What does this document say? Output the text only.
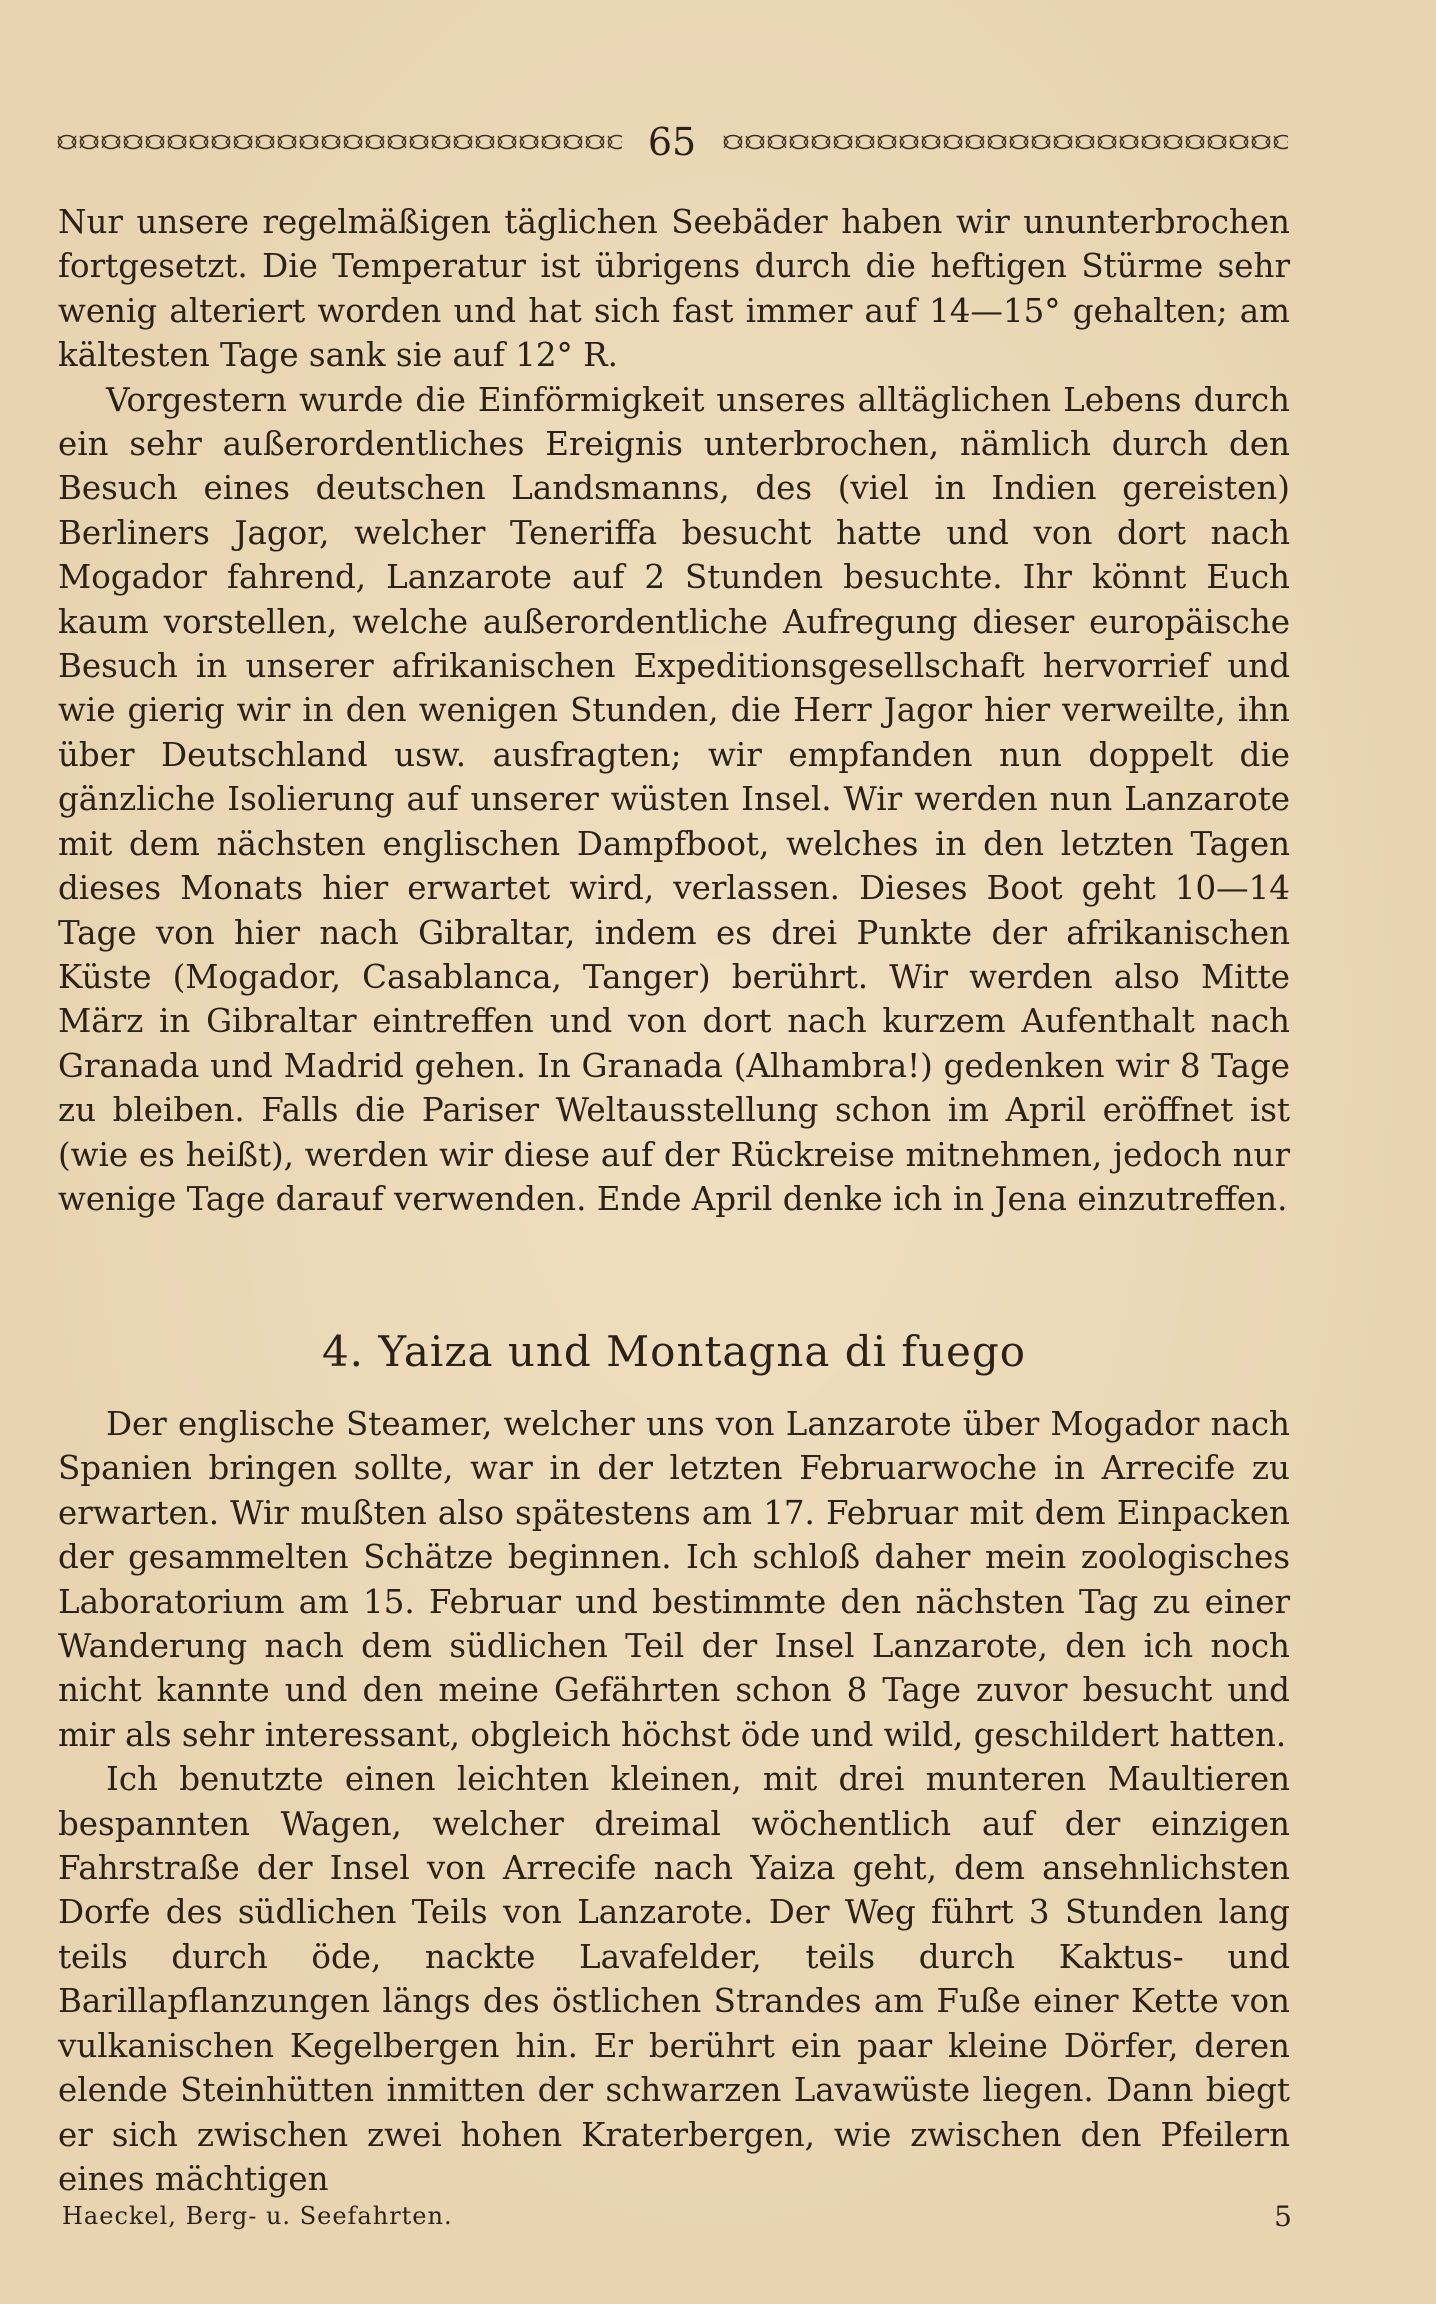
65

Nur unsere regelmäßigen täglichen Seebäder haben wir ununterbrochen fortgesetzt. Die Temperatur ist übrigens durch die heftigen Stürme sehr wenig alteriert worden und hat sich fast immer auf 14—15° gehalten; am kältesten Tage sank sie auf 12° R.

Vorgestern wurde die Einförmigkeit unseres alltäglichen Lebens durch ein sehr außerordentliches Ereignis unterbrochen, nämlich durch den Besuch eines deutschen Landsmanns, des (viel in Indien gereisten) Berliners Jagor, welcher Teneriffa besucht hatte und von dort nach Mogador fahrend, Lanzarote auf 2 Stunden besuchte. Ihr könnt Euch kaum vorstellen, welche außerordentliche Aufregung dieser europäische Besuch in unserer afrikanischen Expeditionsgesellschaft hervorrief und wie gierig wir in den wenigen Stunden, die Herr Jagor hier verweilte, ihn über Deutschland usw. ausfragten; wir empfanden nun doppelt die gänzliche Isolierung auf unserer wüsten Insel. Wir werden nun Lanzarote mit dem nächsten englischen Dampfboot, welches in den letzten Tagen dieses Monats hier erwartet wird, verlassen. Dieses Boot geht 10—14 Tage von hier nach Gibraltar, indem es drei Punkte der afrikanischen Küste (Mogador, Casablanca, Tanger) berührt. Wir werden also Mitte März in Gibraltar eintreffen und von dort nach kurzem Aufenthalt nach Granada und Madrid gehen. In Granada (Alhambra!) gedenken wir 8 Tage zu bleiben. Falls die Pariser Weltausstellung schon im April eröffnet ist (wie es heißt), werden wir diese auf der Rückreise mitnehmen, jedoch nur wenige Tage darauf verwenden. Ende April denke ich in Jena einzutreffen.

4. Yaiza und Montagna di fuego

Der englische Steamer, welcher uns von Lanzarote über Mogador nach Spanien bringen sollte, war in der letzten Februarwoche in Arrecife zu erwarten. Wir mußten also spätestens am 17. Februar mit dem Einpacken der gesammelten Schätze beginnen. Ich schloß daher mein zoologisches Laboratorium am 15. Februar und bestimmte den nächsten Tag zu einer Wanderung nach dem südlichen Teil der Insel Lanzarote, den ich noch nicht kannte und den meine Gefährten schon 8 Tage zuvor besucht und mir als sehr interessant, obgleich höchst öde und wild, geschildert hatten.

Ich benutzte einen leichten kleinen, mit drei munteren Maultieren bespannten Wagen, welcher dreimal wöchentlich auf der einzigen Fahrstraße der Insel von Arrecife nach Yaiza geht, dem ansehnlichsten Dorfe des südlichen Teils von Lanzarote. Der Weg führt 3 Stunden lang teils durch öde, nackte Lavafelder, teils durch Kaktus- und Barillapflanzungen längs des östlichen Strandes am Fuße einer Kette von vulkanischen Kegelbergen hin. Er berührt ein paar kleine Dörfer, deren elende Steinhütten inmitten der schwarzen Lavawüste liegen. Dann biegt er sich zwischen zwei hohen Kraterbergen, wie zwischen den Pfeilern eines mächtigen

Haeckel, Berg- u. Seefahrten.	5
